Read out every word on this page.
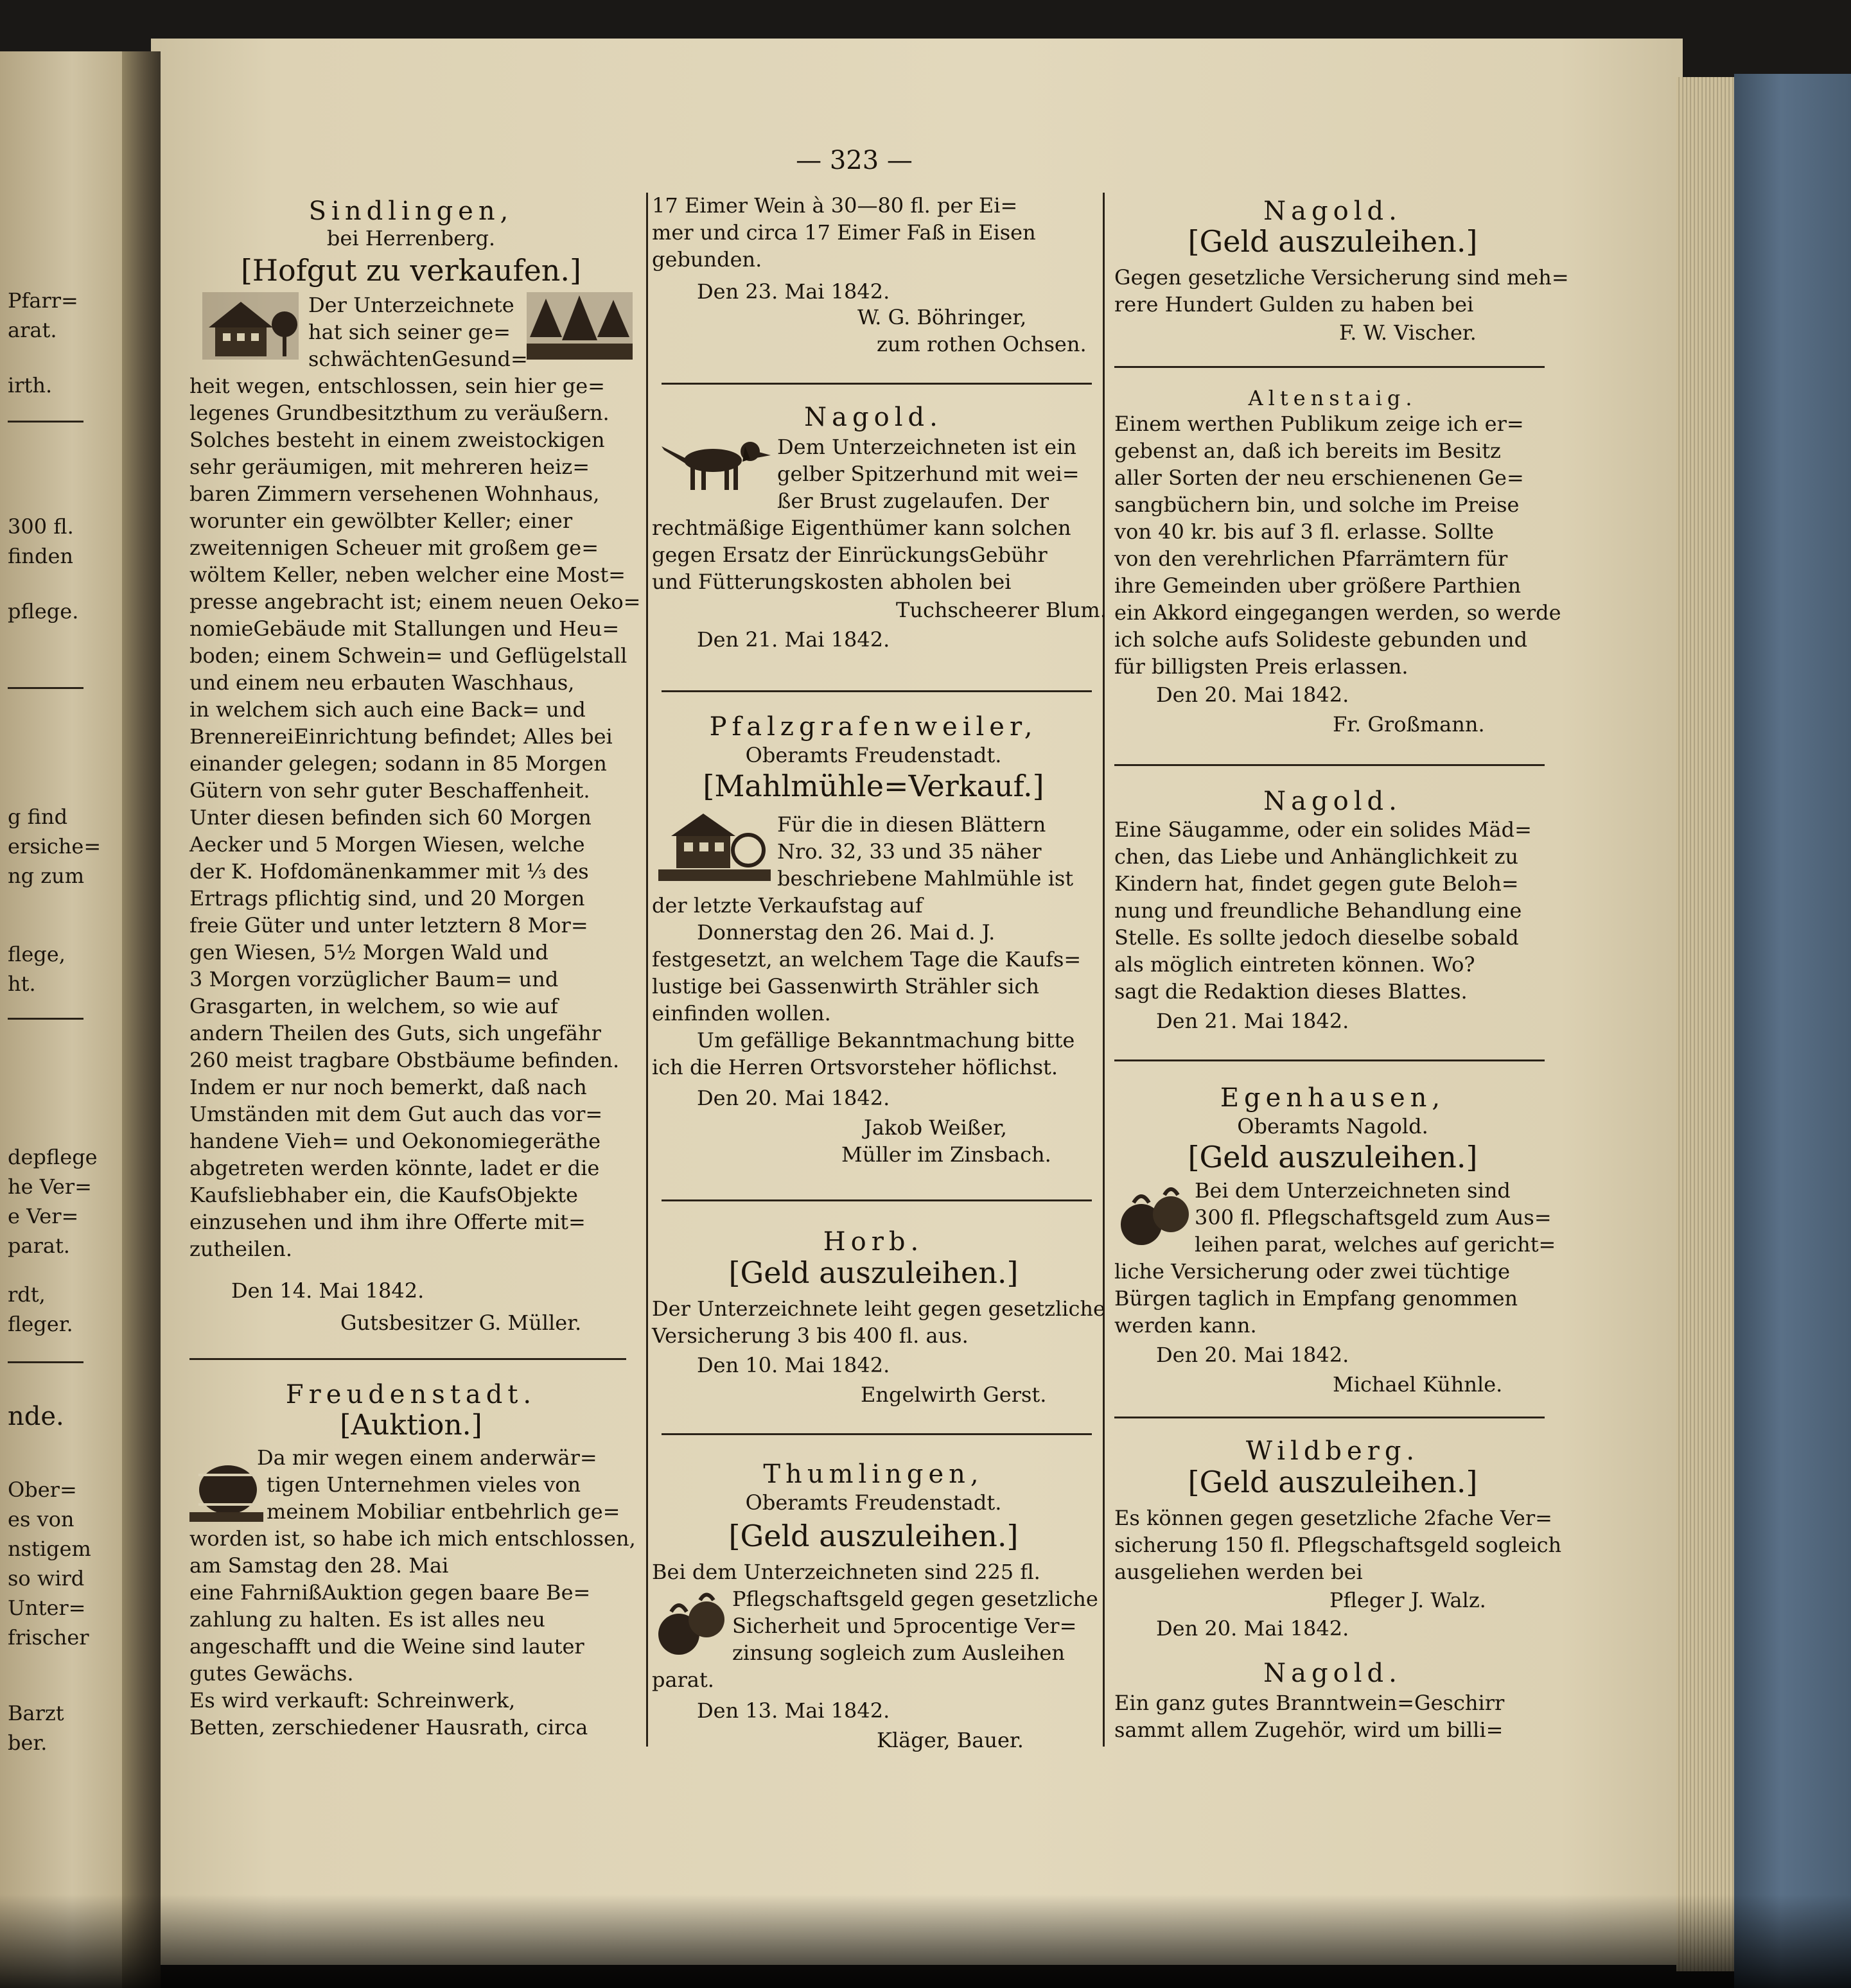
Pfarr=
arat.
irth.
300 fl.
finden
pflege.
g find
ersiche=
ng zum
flege,
ht.
depflege
he Ver=
e Ver=
parat.
rdt,
fleger.
nde.
Ober=
es von
nstigem
so wird
Unter=
frischer
Barzt
ber.
— 323 —
Sindlingen,
bei Herrenberg.
[Hofgut zu verkaufen.]
Der Unterzeichnete
hat sich seiner ge=
schwächtenGesund=
heit wegen, entschlossen, sein hier ge=
legenes Grundbesitzthum zu veräußern.
Solches besteht in einem zweistockigen
sehr geräumigen, mit mehreren heiz=
baren Zimmern versehenen Wohnhaus,
worunter ein gewölbter Keller; einer
zweitennigen Scheuer mit großem ge=
wöltem Keller, neben welcher eine Most=
presse angebracht ist; einem neuen Oeko=
nomieGebäude mit Stallungen und Heu=
boden; einem Schwein= und Geflügelstall
und einem neu erbauten Waschhaus,
in welchem sich auch eine Back= und
BrennereiEinrichtung befindet; Alles bei
einander gelegen; sodann in 85 Morgen
Gütern von sehr guter Beschaffenheit.
Unter diesen befinden sich 60 Morgen
Aecker und 5 Morgen Wiesen, welche
der K. Hofdomänenkammer mit ⅓ des
Ertrags pflichtig sind, und 20 Morgen
freie Güter und unter letztern 8 Mor=
gen Wiesen, 5½ Morgen Wald und
3 Morgen vorzüglicher Baum= und
Grasgarten, in welchem, so wie auf
andern Theilen des Guts, sich ungefähr
260 meist tragbare Obstbäume befinden.
Indem er nur noch bemerkt, daß nach
Umständen mit dem Gut auch das vor=
handene Vieh= und Oekonomiegeräthe
abgetreten werden könnte, ladet er die
Kaufsliebhaber ein, die KaufsObjekte
einzusehen und ihm ihre Offerte mit=
zutheilen.
Den 14. Mai 1842.
Gutsbesitzer G. Müller.
Freudenstadt.
[Auktion.]
Da mir wegen einem anderwär=
tigen Unternehmen vieles von
meinem Mobiliar entbehrlich ge=
worden ist, so habe ich mich entschlossen,
am Samstag den 28. Mai
eine FahrnißAuktion gegen baare Be=
zahlung zu halten. Es ist alles neu
angeschafft und die Weine sind lauter
gutes Gewächs.
Es wird verkauft: Schreinwerk,
Betten, zerschiedener Hausrath, circa
17 Eimer Wein à 30—80 fl. per Ei=
mer und circa 17 Eimer Faß in Eisen
gebunden.
Den 23. Mai 1842.
W. G. Böhringer,
zum rothen Ochsen.
Nagold.
Dem Unterzeichneten ist ein
gelber Spitzerhund mit wei=
ßer Brust zugelaufen. Der
rechtmäßige Eigenthümer kann solchen
gegen Ersatz der EinrückungsGebühr
und Fütterungskosten abholen bei
Tuchscheerer Blum.
Den 21. Mai 1842.
Pfalzgrafenweiler,
Oberamts Freudenstadt.
[Mahlmühle=Verkauf.]
Für die in diesen Blättern
Nro. 32, 33 und 35 näher
beschriebene Mahlmühle ist
der letzte Verkaufstag auf
Donnerstag den 26. Mai d. J.
festgesetzt, an welchem Tage die Kaufs=
lustige bei Gassenwirth Strähler sich
einfinden wollen.
Um gefällige Bekanntmachung bitte
ich die Herren Ortsvorsteher höflichst.
Den 20. Mai 1842.
Jakob Weißer,
Müller im Zinsbach.
Horb.
[Geld auszuleihen.]
Der Unterzeichnete leiht gegen gesetzliche
Versicherung 3 bis 400 fl. aus.
Den 10. Mai 1842.
Engelwirth Gerst.
Thumlingen,
Oberamts Freudenstadt.
[Geld auszuleihen.]
Bei dem Unterzeichneten sind 225 fl.
Pflegschaftsgeld gegen gesetzliche
Sicherheit und 5procentige Ver=
zinsung sogleich zum Ausleihen
parat.
Den 13. Mai 1842.
Kläger, Bauer.
Nagold.
[Geld auszuleihen.]
Gegen gesetzliche Versicherung sind meh=
rere Hundert Gulden zu haben bei
F. W. Vischer.
Altenstaig.
Einem werthen Publikum zeige ich er=
gebenst an, daß ich bereits im Besitz
aller Sorten der neu erschienenen Ge=
sangbüchern bin, und solche im Preise
von 40 kr. bis auf 3 fl. erlasse. Sollte
von den verehrlichen Pfarrämtern für
ihre Gemeinden uber größere Parthien
ein Akkord eingegangen werden, so werde
ich solche aufs Solideste gebunden und
für billigsten Preis erlassen.
Den 20. Mai 1842.
Fr. Großmann.
Nagold.
Eine Säugamme, oder ein solides Mäd=
chen, das Liebe und Anhänglichkeit zu
Kindern hat, findet gegen gute Beloh=
nung und freundliche Behandlung eine
Stelle. Es sollte jedoch dieselbe sobald
als möglich eintreten können. Wo?
sagt die Redaktion dieses Blattes.
Den 21. Mai 1842.
Egenhausen,
Oberamts Nagold.
[Geld auszuleihen.]
Bei dem Unterzeichneten sind
300 fl. Pflegschaftsgeld zum Aus=
leihen parat, welches auf gericht=
liche Versicherung oder zwei tüchtige
Bürgen taglich in Empfang genommen
werden kann.
Den 20. Mai 1842.
Michael Kühnle.
Wildberg.
[Geld auszuleihen.]
Es können gegen gesetzliche 2fache Ver=
sicherung 150 fl. Pflegschaftsgeld sogleich
ausgeliehen werden bei
Pfleger J. Walz.
Den 20. Mai 1842.
Nagold.
Ein ganz gutes Branntwein=Geschirr
sammt allem Zugehör, wird um billi=
